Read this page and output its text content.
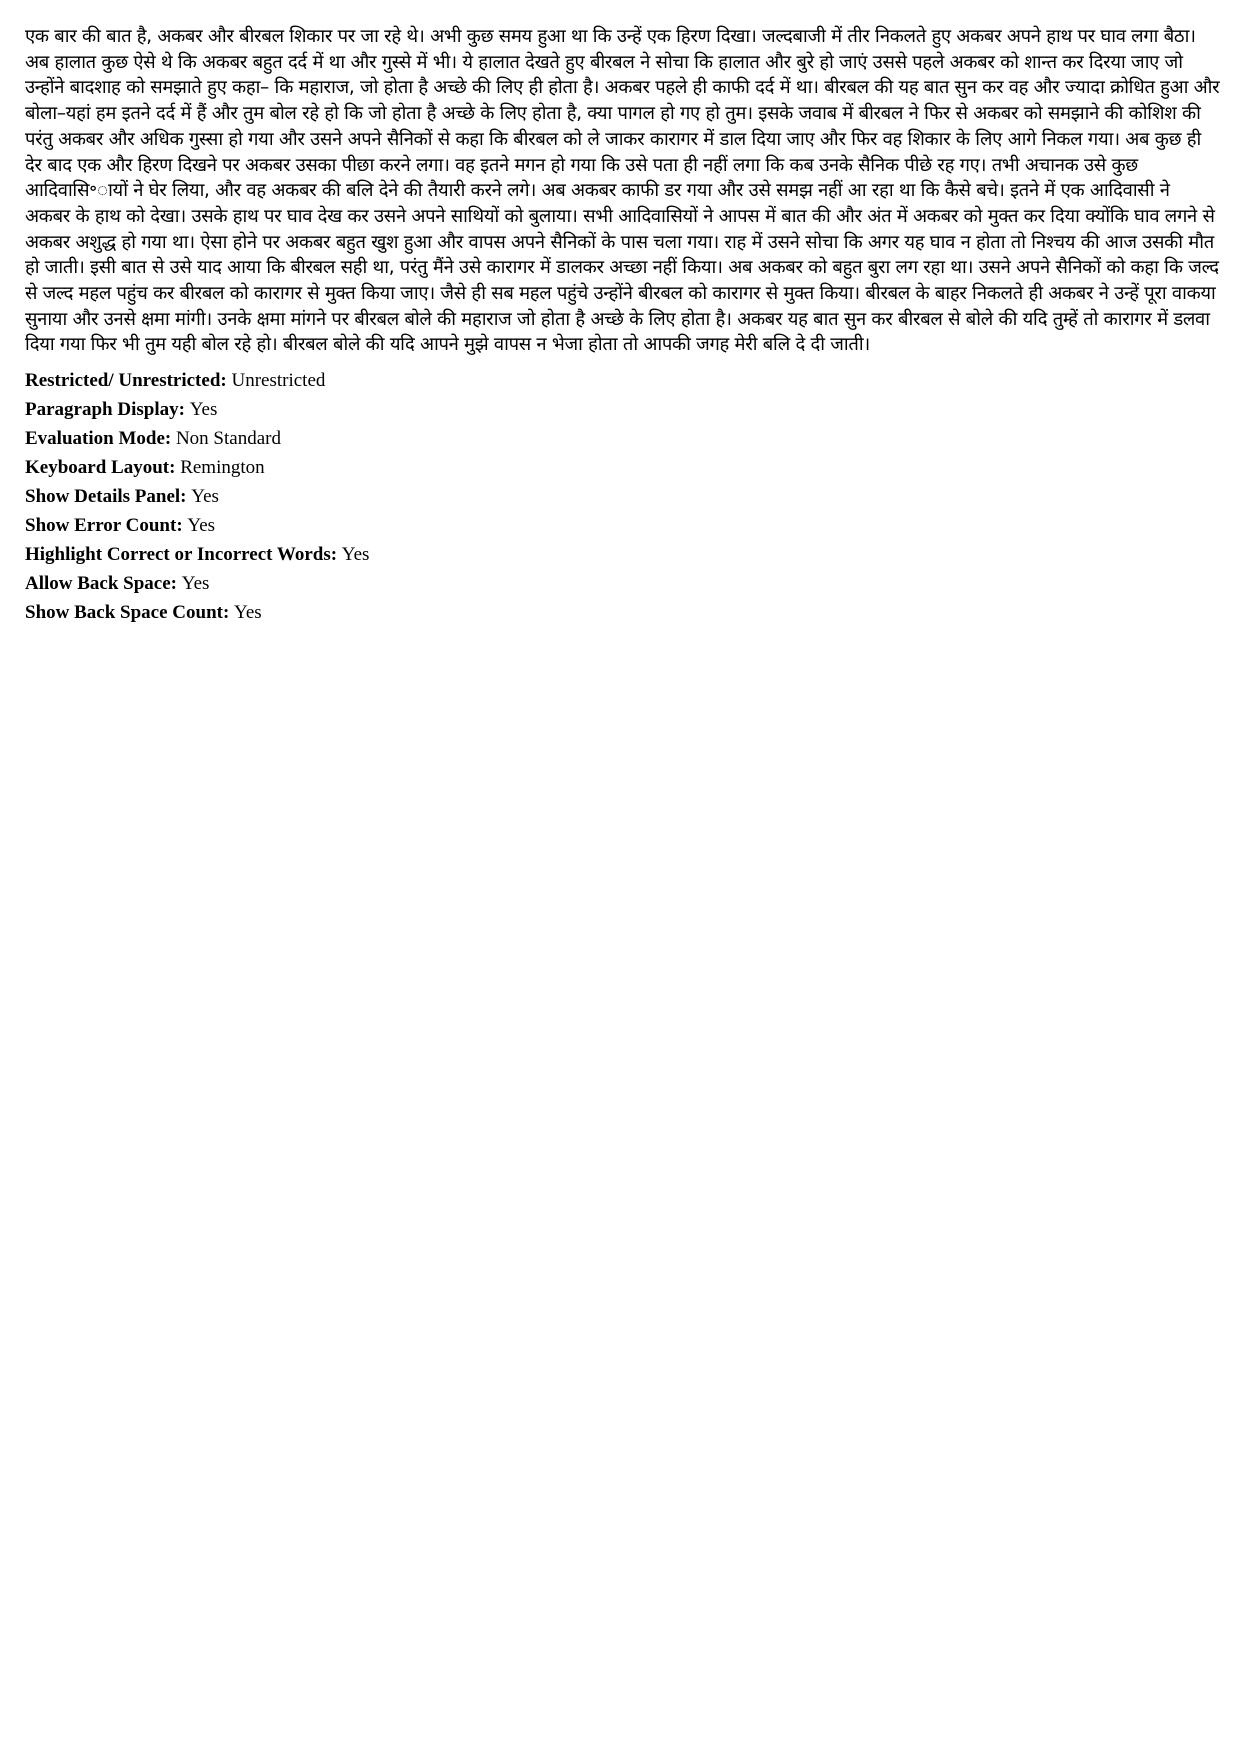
एक बार की बात है, अकबर और बीरबल शिकार पर जा रहे थे। अभी कुछ समय हुआ था कि उन्हें एक हिरण दिखा। जल्दबाजी में तीर निकलते हुए अकबर अपने हाथ पर घाव लगा बैठा। अब हालात कुछ ऐसे थे कि अकबर बहुत दर्द में था और गुस्से में भी। ये हालात देखते हुए बीरबल ने सोचा कि हालात और बुरे हो जाएं उससे पहले अकबर को शान्त कर दिरया जाए जो उन्होंने बादशाह को समझाते हुए कहा– कि महाराज, जो होता है अच्छे की लिए ही होता है। अकबर पहले ही काफी दर्द में था। बीरबल की यह बात सुन कर वह और ज्यादा क्रोधित हुआ और बोला–यहां हम इतने दर्द में हैं और तुम बोल रहे हो कि जो होता है अच्छे के लिए होता है, क्या पागल हो गए हो तुम। इसके जवाब में बीरबल ने फिर से अकबर को समझाने की कोशिश की परंतु अकबर और अधिक गुस्सा हो गया और उसने अपने सैनिकों से कहा कि बीरबल को ले जाकर कारागर में डाल दिया जाए और फिर वह शिकार के लिए आगे निकल गया। अब कुछ ही देर बाद एक और हिरण दिखने पर अकबर उसका पीछा करने लगा। वह इतने मगन हो गया कि उसे पता ही नहीं लगा कि कब उनके सैनिक पीछे रह गए। तभी अचानक उसे कुछ आदिवासि॰ायों ने घेर लिया, और वह अकबर की बलि देने की तैयारी करने लगे। अब अकबर काफी डर गया और उसे समझ नहीं आ रहा था कि कैसे बचे। इतने में एक आदिवासी ने अकबर के हाथ को देखा। उसके हाथ पर घाव देख कर उसने अपने साथियों को बुलाया। सभी आदिवासियों ने आपस में बात की और अंत में अकबर को मुक्त कर दिया क्योंकि घाव लगने से अकबर अशुद्ध हो गया था। ऐसा होने पर अकबर बहुत खुश हुआ और वापस अपने सैनिकों के पास चला गया। राह में उसने सोचा कि अगर यह घाव न होता तो निश्चय की आज उसकी मौत हो जाती। इसी बात से उसे याद आया कि बीरबल सही था, परंतु मैंने उसे कारागर में डालकर अच्छा नहीं किया। अब अकबर को बहुत बुरा लग रहा था। उसने अपने सैनिकों को कहा कि जल्द से जल्द महल पहुंच कर बीरबल को कारागर से मुक्त किया जाए। जैसे ही सब महल पहुंचे उन्होंने बीरबल को कारागर से मुक्त किया। बीरबल के बाहर निकलते ही अकबर ने उन्हें पूरा वाकया सुनाया और उनसे क्षमा मांगी। उनके क्षमा मांगने पर बीरबल बोले की महाराज जो होता है अच्छे के लिए होता है। अकबर यह बात सुन कर बीरबल से बोले की यदि तुम्हें तो कारागर में डलवा दिया गया फिर भी तुम यही बोल रहे हो। बीरबल बोले की यदि आपने मुझे वापस न भेजा होता तो आपकी जगह मेरी बलि दे दी जाती।

Restricted/ Unrestricted: Unrestricted
Paragraph Display: Yes
Evaluation Mode: Non Standard
Keyboard Layout: Remington
Show Details Panel: Yes
Show Error Count: Yes
Highlight Correct or Incorrect Words: Yes
Allow Back Space: Yes
Show Back Space Count: Yes
